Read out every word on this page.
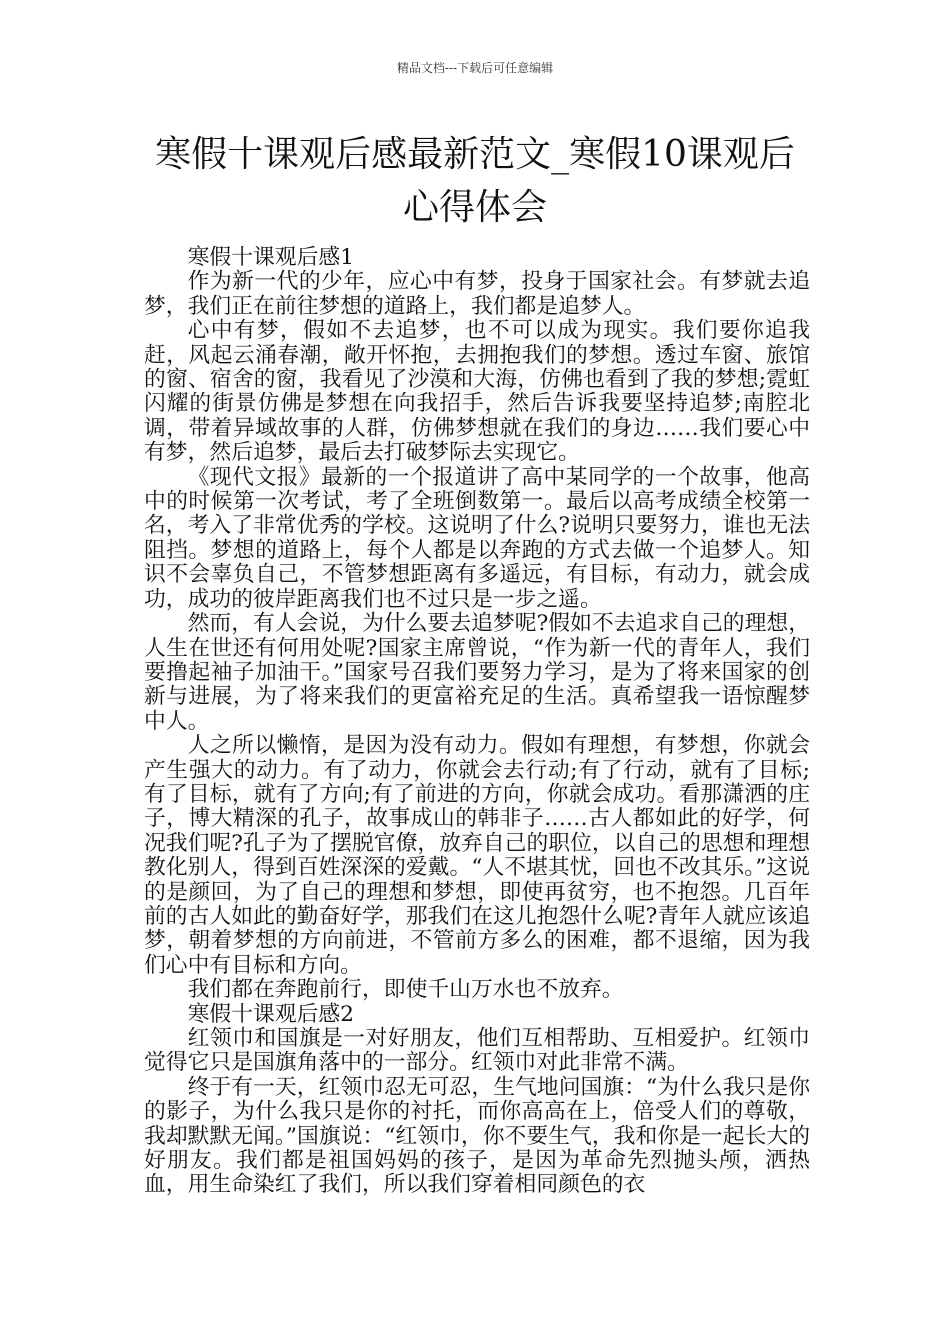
精品文档---下载后可任意编辑
寒假十课观后感最新范文_寒假10课观后心得体会

寒假十课观后感1

作为新一代的少年，应心中有梦，投身于国家社会。有梦就去追梦，我们正在前往梦想的道路上，我们都是追梦人。

心中有梦，假如不去追梦，也不可以成为现实。我们要你追我赶，风起云涌春潮，敞开怀抱，去拥抱我们的梦想。透过车窗、旅馆的窗、宿舍的窗，我看见了沙漠和大海，仿佛也看到了我的梦想;霓虹闪耀的街景仿佛是梦想在向我招手，然后告诉我要坚持追梦;南腔北调，带着异域故事的人群，仿佛梦想就在我们的身边……我们要心中有梦，然后追梦，最后去打破梦际去实现它。

《现代文报》最新的一个报道讲了高中某同学的一个故事，他高中的时候第一次考试，考了全班倒数第一。最后以高考成绩全校第一名，考入了非常优秀的学校。这说明了什么?说明只要努力，谁也无法阻挡。梦想的道路上，每个人都是以奔跑的方式去做一个追梦人。知识不会辜负自己，不管梦想距离有多遥远，有目标，有动力，就会成功，成功的彼岸距离我们也不过只是一步之遥。

然而，有人会说，为什么要去追梦呢?假如不去追求自己的理想，人生在世还有何用处呢?国家主席曾说，“作为新一代的青年人，我们要撸起袖子加油干。”国家号召我们要努力学习，是为了将来国家的创新与进展，为了将来我们的更富裕充足的生活。真希望我一语惊醒梦中人。

人之所以懒惰，是因为没有动力。假如有理想，有梦想，你就会产生强大的动力。有了动力，你就会去行动;有了行动，就有了目标;有了目标，就有了方向;有了前进的方向，你就会成功。看那潇洒的庄子，博大精深的孔子，故事成山的韩非子……古人都如此的好学，何况我们呢?孔子为了摆脱官僚，放弃自己的职位，以自己的思想和理想教化别人，得到百姓深深的爱戴。“人不堪其忧，回也不改其乐。”这说的是颜回，为了自己的理想和梦想，即使再贫穷，也不抱怨。几百年前的古人如此的勤奋好学，那我们在这儿抱怨什么呢?青年人就应该追梦，朝着梦想的方向前进，不管前方多么的困难，都不退缩，因为我们心中有目标和方向。

我们都在奔跑前行，即使千山万水也不放弃。

寒假十课观后感2

红领巾和国旗是一对好朋友，他们互相帮助、互相爱护。红领巾觉得它只是国旗角落中的一部分。红领巾对此非常不满。

终于有一天，红领巾忍无可忍，生气地问国旗：“为什么我只是你的影子，为什么我只是你的衬托，而你高高在上，倍受人们的尊敬，我却默默无闻。”国旗说：“红领巾，你不要生气，我和你是一起长大的好朋友。我们都是祖国妈妈的孩子，是因为革命先烈抛头颅，洒热血，用生命染红了我们，所以我们穿着相同颜色的衣
